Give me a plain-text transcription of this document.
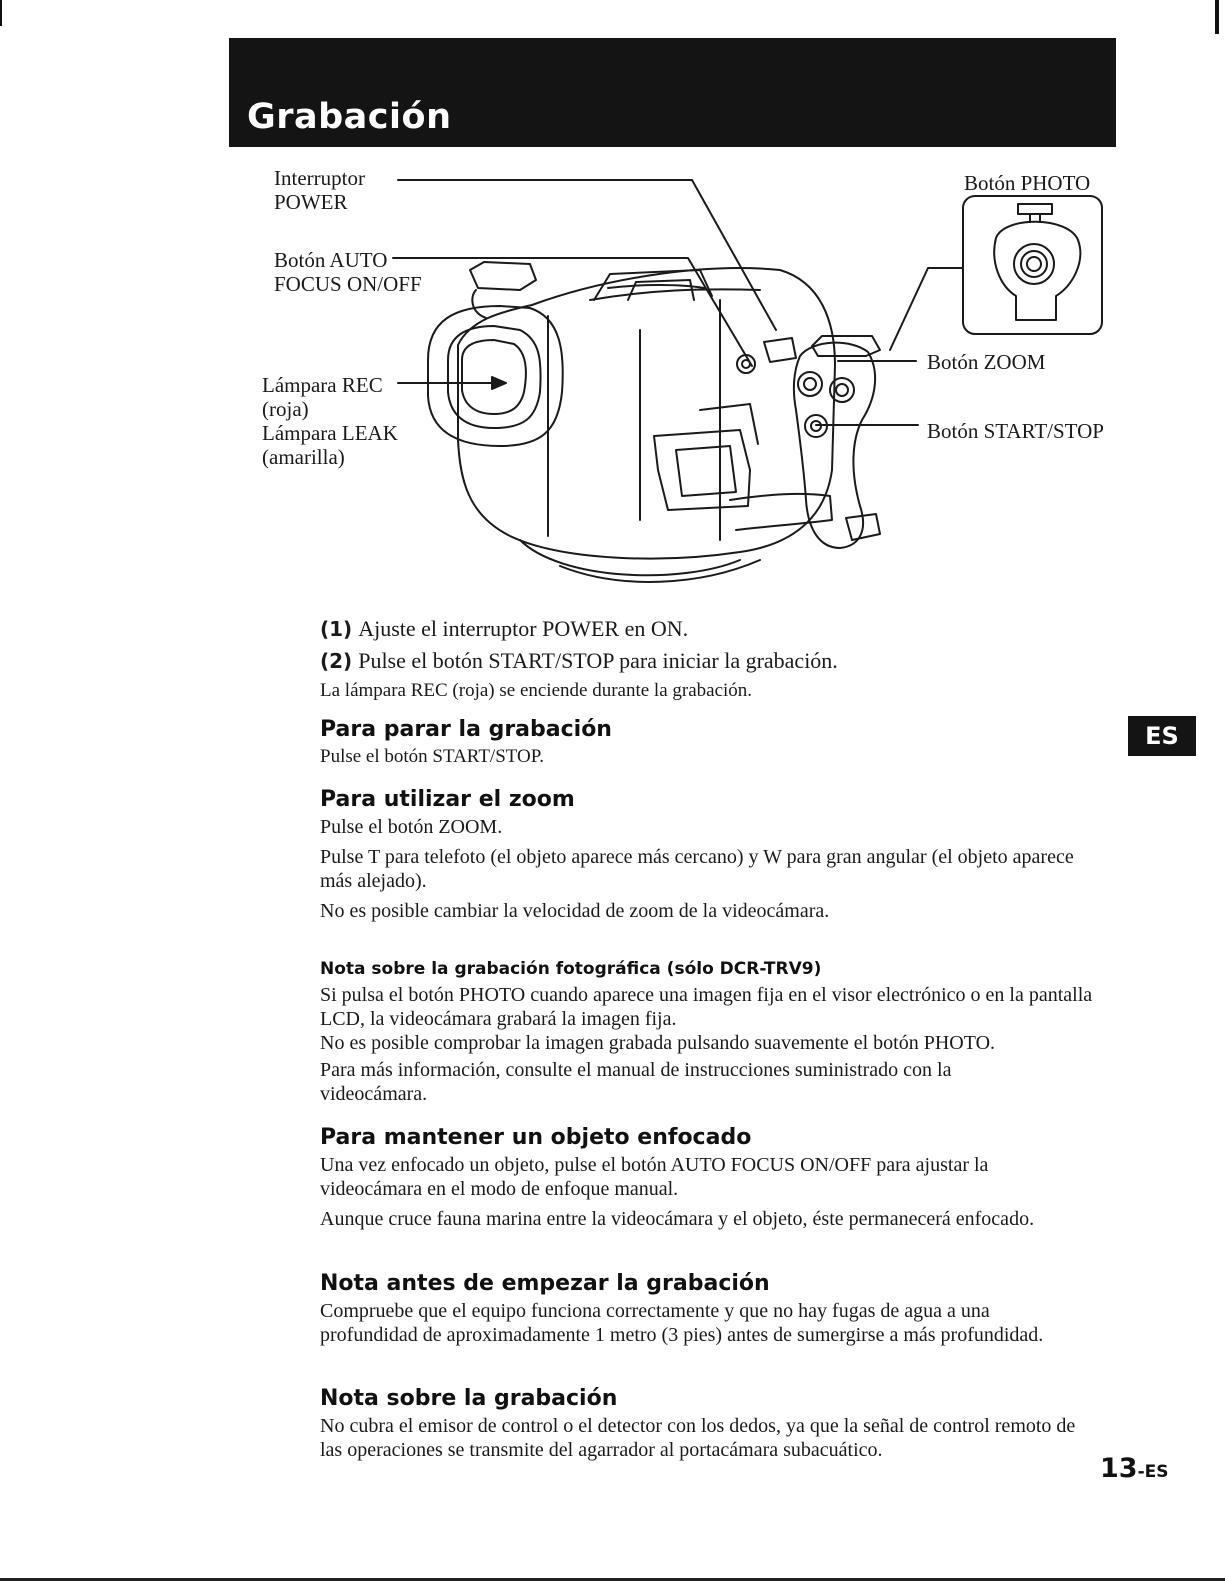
Grabación
Interruptor
POWER
Botón AUTO
FOCUS ON/OFF
Lámpara REC
(roja)
Lámpara LEAK
(amarilla)
Botón PHOTO
Botón ZOOM
Botón START/STOP
(1) Ajuste el interruptor POWER en ON.
(2) Pulse el botón START/STOP para iniciar la grabación.
La lámpara REC (roja) se enciende durante la grabación.
Para parar la grabación
Pulse el botón START/STOP.
Para utilizar el zoom
Pulse el botón ZOOM.
Pulse T para telefoto (el objeto aparece más cercano) y W para gran angular (el objeto aparece más alejado).
No es posible cambiar la velocidad de zoom de la videocámara.
Nota sobre la grabación fotográfica (sólo DCR-TRV9)
Si pulsa el botón PHOTO cuando aparece una imagen fija en el visor electrónico o en la pantalla LCD, la videocámara grabará la imagen fija.
No es posible comprobar la imagen grabada pulsando suavemente el botón PHOTO.
Para más información, consulte el manual de instrucciones suministrado con la videocámara.
Para mantener un objeto enfocado
Una vez enfocado un objeto, pulse el botón AUTO FOCUS ON/OFF para ajustar la videocámara en el modo de enfoque manual.
Aunque cruce fauna marina entre la videocámara y el objeto, éste permanecerá enfocado.
Nota antes de empezar la grabación
Compruebe que el equipo funciona correctamente y que no hay fugas de agua a una profundidad de aproximadamente 1 metro (3 pies) antes de sumergirse a más profundidad.
Nota sobre la grabación
No cubra el emisor de control o el detector con los dedos, ya que la señal de control remoto de las operaciones se transmite del agarrador al portacámara subacuático.
ES
13-ES
